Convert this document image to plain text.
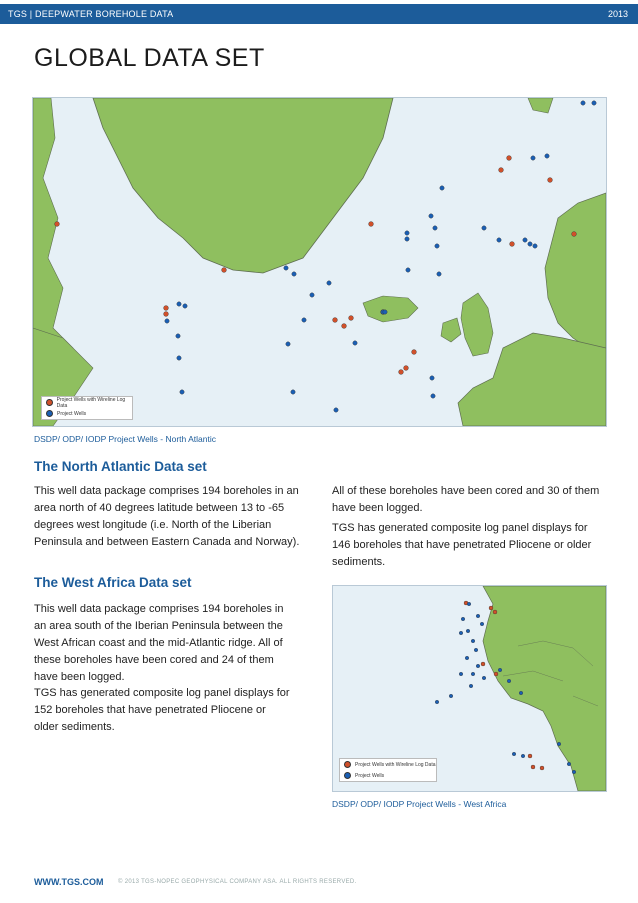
TGS | DEEPWATER BOREHOLE DATA	2013
GLOBAL DATA SET
Project Wells with Wireline Log Data
Project Wells
DSDP/ ODP/ IODP Project Wells - North Atlantic
The North Atlantic Data set

This well data package comprises 194 boreholes in an area north of 40 degrees latitude between 13 to -65 degrees west longitude (i.e. North of the Liberian Peninsula and between Eastern Canada and Norway).

All of these boreholes have been cored and 30 of them have been logged.

TGS has generated composite log panel displays for 146 boreholes that have penetrated Pliocene or older sediments.

The West Africa Data set

This well data package comprises 194 boreholes in an area south of the Iberian Peninsula between the West African coast and the mid-Atlantic ridge. All of these boreholes have been cored and 24 of them have been logged.

TGS has generated composite log panel displays for 152 boreholes that have penetrated Pliocene or older sediments.

Project Wells with Wireline Log Data
Project Wells
DSDP/ ODP/ IODP Project Wells - West Africa
WWW.TGS.COM © 2013 TGS-NOPEC GEOPHYSICAL COMPANY ASA. ALL RIGHTS RESERVED.
